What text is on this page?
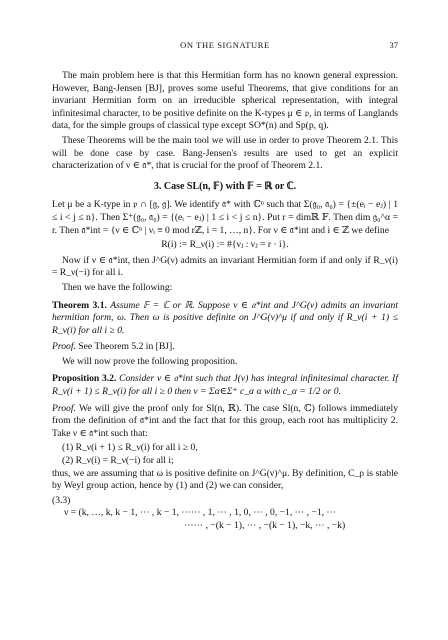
ON THE SIGNATURE	37

The main problem here is that this Hermitian form has no known general expression. However, Bang-Jensen [BJ], proves some useful Theorems, that give conditions for an invariant Hermitian form on an irreducible spherical representation, with integral infinitesimal character, to be positive definite on the K-types μ ∈ 𝔭, in terms of Langlands data, for the simple groups of classical type except SO*(n) and Sp(p, q).

These Theorems will be the main tool we will use in order to prove Theorem 2.1. This will be done case by case. Bang-Jensen's results are used to get an explicit characterization of ν ∈ 𝔞*, that is crucial for the proof of Theorem 2.1.

3. Case SL(n, 𝔽) with 𝔽 = ℝ or ℂ.

Let μ be a K-type in 𝔭 ∩ [𝔤, 𝔤]. We identify 𝔞* with ℂⁿ such that Σ(𝔤₀, 𝔞₀) = {±(eᵢ − eⱼ) | 1 ≤ i < j ≤ n}. Then Σ⁺(𝔤₀, 𝔞₀) = {(eᵢ − eⱼ) | 1 ≤ i < j ≤ n}. Put r = dimℝ 𝔽. Then dim 𝔤₀^α = r. Then 𝔞*int = {ν ∈ ℂⁿ | νᵢ ≡ 0 mod rℤ, i = 1, …, n}. For ν ∈ 𝔞*int and i ∈ ℤ we define

R(i) := R_ν(i) := #{νⱼ : νⱼ = r · i}.

Now if ν ∈ 𝔞*int, then J^G(ν) admits an invariant Hermitian form if and only if R_ν(i) = R_ν(−i) for all i.

Then we have the following:

Theorem 3.1. Assume 𝔽 = ℂ or ℝ. Suppose ν ∈ 𝔞*int and J^G(ν) admits an invariant hermitian form, ω. Then ω is positive definite on J^G(ν)^μ if and only if R_ν(i + 1) ≤ R_ν(i) for all i ≥ 0.

Proof. See Theorem 5.2 in [BJ].

We will now prove the following proposition.

Proposition 3.2. Consider ν ∈ 𝔞*int such that J(ν) has integral infinitesimal character. If R_ν(i + 1) ≤ R_ν(i) for all i ≥ 0 then ν = Σα∈Σ⁺ c_α α with c_α = 1/2 or 0.

Proof. We will give the proof only for Sl(n, ℝ). The case Sl(n, ℂ) follows immediately from the definition of 𝔞*int and the fact that for this group, each root has multiplicity 2. Take ν ∈ 𝔞*int such that:

(1) R_ν(i + 1) ≤ R_ν(i) for all i ≥ 0,
(2) R_ν(i) = R_ν(−i) for all i;

thus, we are assuming that ω is positive definite on J^G(ν)^μ. By definition, C_ρ is stable by Weyl group action, hence by (1) and (2) we can consider,

(3.3)
ν = (k, …, k, k − 1, ⋯ , k − 1, ⋯⋯ , 1, ⋯ , 1, 0, ⋯ , 0, −1, ⋯ , −1, ⋯
⋯⋯ , −(k − 1), ⋯ , −(k − 1), −k, ⋯ , −k)
